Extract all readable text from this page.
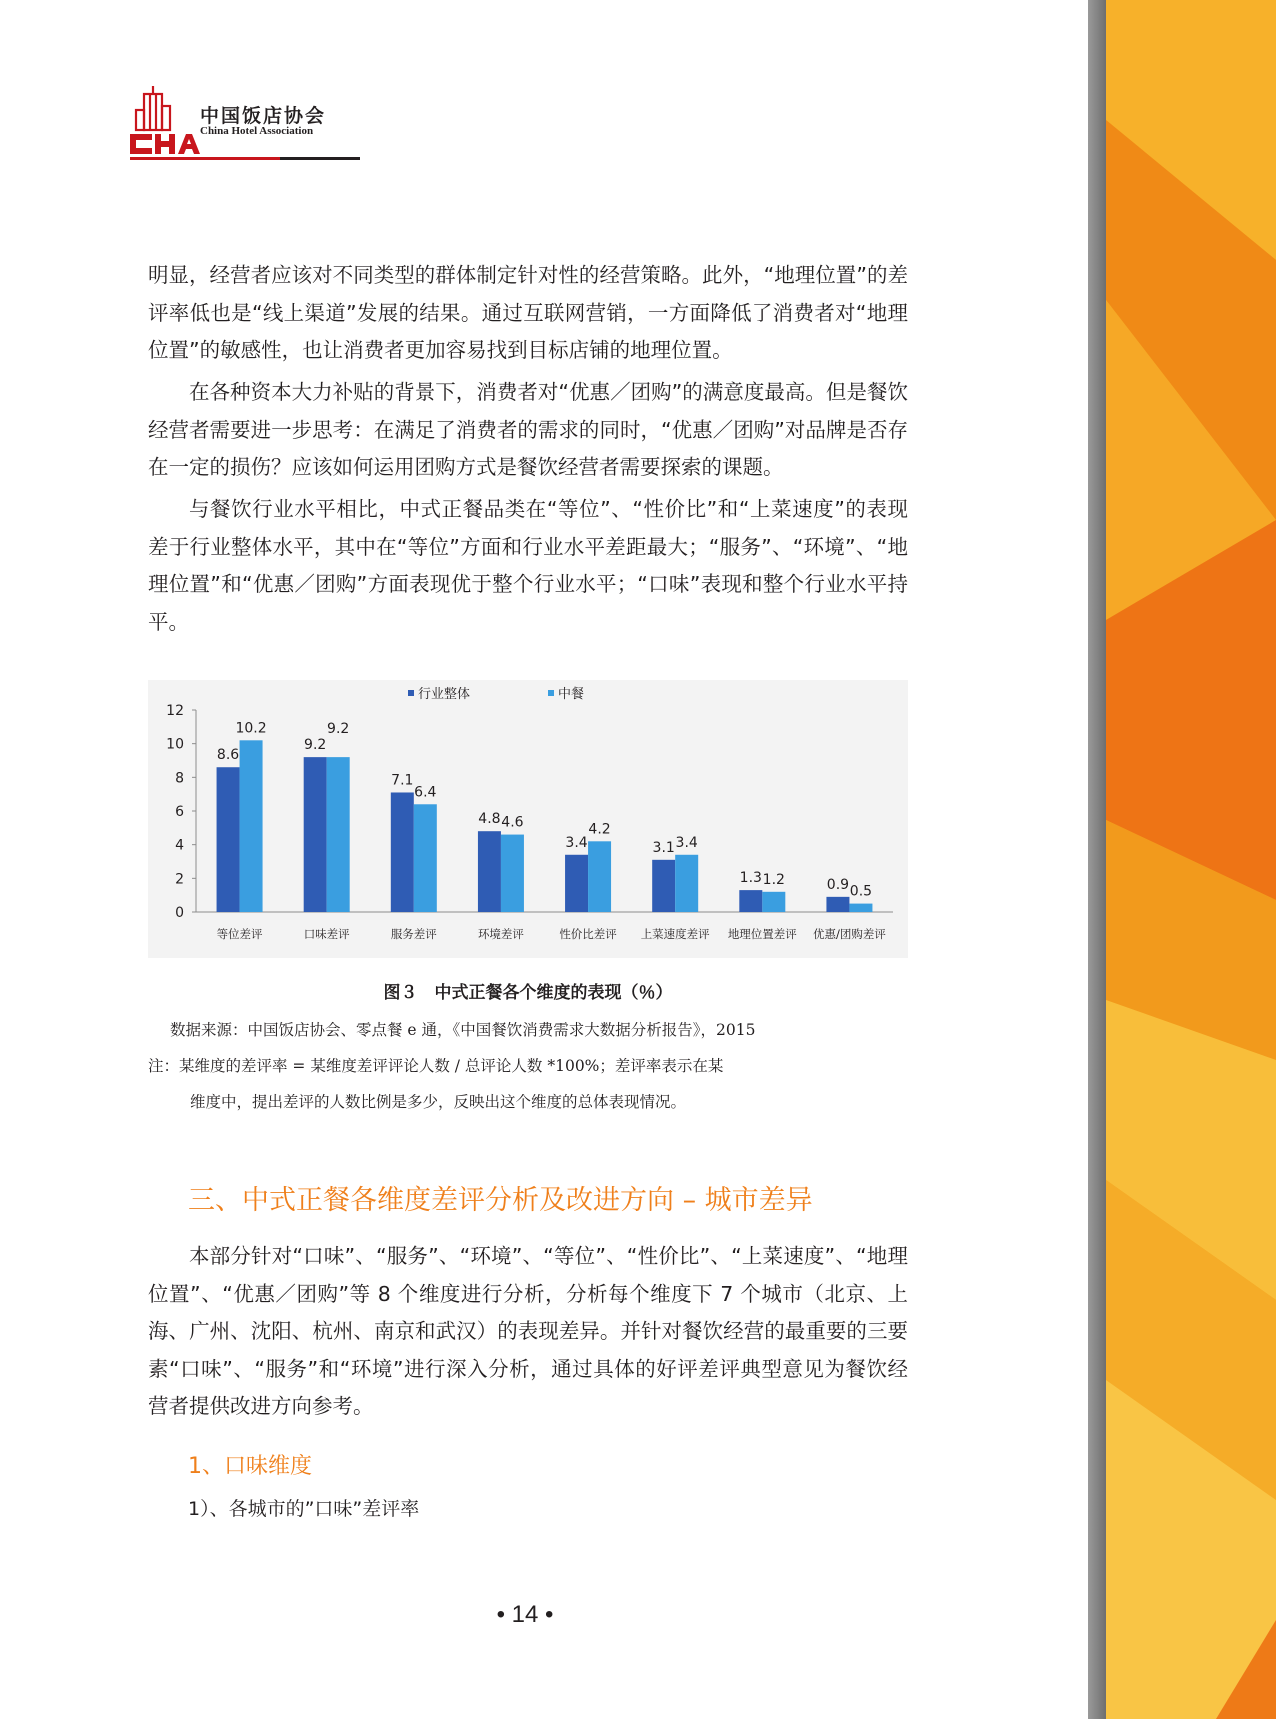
中国饭店协会
China Hotel Association
明显，经营者应该对不同类型的群体制定针对性的经营策略。此外，“地理位置”的差评率低也是“线上渠道”发展的结果。通过互联网营销，一方面降低了消费者对“地理位置”的敏感性，也让消费者更加容易找到目标店铺的地理位置。
在各种资本大力补贴的背景下，消费者对“优惠／团购”的满意度最高。但是餐饮经营者需要进一步思考：在满足了消费者的需求的同时，“优惠／团购”对品牌是否存在一定的损伤？应该如何运用团购方式是餐饮经营者需要探索的课题。
与餐饮行业水平相比，中式正餐品类在“等位”、“性价比”和“上菜速度”的表现差于行业整体水平，其中在“等位”方面和行业水平差距最大；“服务”、“环境”、“地理位置”和“优惠／团购”方面表现优于整个行业水平；“口味”表现和整个行业水平持平。
0
2
4
6
8
10
12
8.6
10.2
9.2
9.2
7.1
6.4
4.8 4.6
3.4
4.2
3.1 3.4
1.3 1.2	0.9 0.5
等位差评	口味差评	服务差评	环境差评	性价比差评 上菜速度差评 地理位置差评 优惠/团购差评
行业整体	中餐
图３　中式正餐各个维度的表现（％）
数据来源：中国饭店协会、零点餐 e 通，《中国餐饮消费需求大数据分析报告》，2015
注：某维度的差评率 = 某维度差评评论人数 / 总评论人数 *100%；差评率表示在某
维度中，提出差评的人数比例是多少，反映出这个维度的总体表现情况。
三、中式正餐各维度差评分析及改进方向 – 城市差异
本部分针对“口味”、“服务”、“环境”、“等位”、“性价比”、“上菜速度”、“地理位置”、“优惠／团购”等 8 个维度进行分析，分析每个维度下 7 个城市（北京、上海、广州、沈阳、杭州、南京和武汉）的表现差异。并针对餐饮经营的最重要的三要素“口味”、“服务”和“环境”进行深入分析，通过具体的好评差评典型意见为餐饮经营者提供改进方向参考。
1、口味维度
1）、各城市的”口味”差评率
• 14 •
